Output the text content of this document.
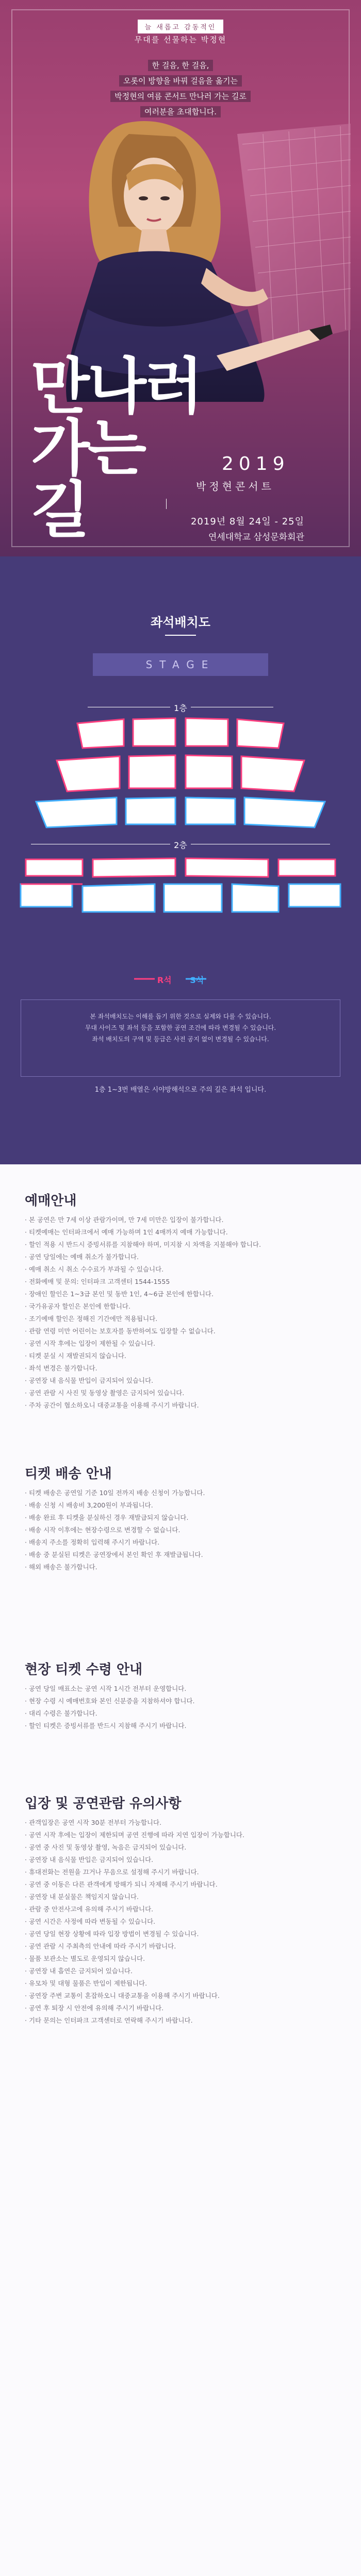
늘 새롭고 감동적인
무대를 선물하는 박정현
한 걸음, 한 걸음,
오롯이 방향을 바꿔 걸음을 옮기는
박정현의 여름 콘서트 만나러 가는 길로
여러분을 초대합니다.
만나러
가는
길
2019
박정현콘서트
2019년 8월 24일 - 25일
연세대학교 삼성문화회관
좌석배치도
STAGE
1층
2층
R석 S석
본 좌석배치도는 이해를 돕기 위한 것으로 실제와 다를 수 있습니다.
무대 사이즈 및 좌석 등을 포함한 공연 조건에 따라 변경될 수 있습니다.
좌석 배치도의 구역 및 등급은 사전 공지 없이 변경될 수 있습니다.
1층 1~3번 배열은 시야방해석으로 주의 깊은 좌석 입니다.
예매안내
· 본 공연은 만 7세 이상 관람가이며, 만 7세 미만은 입장이 불가합니다.
· 티켓예매는 인터파크에서 예매 가능하며 1인 4매까지 예매 가능합니다.
· 할인 적용 시 반드시 증빙서류를 지참해야 하며, 미지참 시 차액을 지불해야 합니다.
· 공연 당일에는 예매 취소가 불가합니다.
· 예매 취소 시 취소 수수료가 부과될 수 있습니다.
· 전화예매 및 문의: 인터파크 고객센터 1544-1555
· 장애인 할인은 1~3급 본인 및 동반 1인, 4~6급 본인에 한합니다.
· 국가유공자 할인은 본인에 한합니다.
· 조기예매 할인은 정해진 기간에만 적용됩니다.
· 관람 연령 미만 어린이는 보호자를 동반하여도 입장할 수 없습니다.
· 공연 시작 후에는 입장이 제한될 수 있습니다.
· 티켓 분실 시 재발권되지 않습니다.
· 좌석 변경은 불가합니다.
· 공연장 내 음식물 반입이 금지되어 있습니다.
· 공연 관람 시 사진 및 동영상 촬영은 금지되어 있습니다.
· 주차 공간이 협소하오니 대중교통을 이용해 주시기 바랍니다.
티켓 배송 안내
· 티켓 배송은 공연일 기준 10일 전까지 배송 신청이 가능합니다.
· 배송 신청 시 배송비 3,200원이 부과됩니다.
· 배송 완료 후 티켓을 분실하신 경우 재발급되지 않습니다.
· 배송 시작 이후에는 현장수령으로 변경할 수 없습니다.
· 배송지 주소를 정확히 입력해 주시기 바랍니다.
· 배송 중 분실된 티켓은 공연장에서 본인 확인 후 재발급됩니다.
· 해외 배송은 불가합니다.
현장 티켓 수령 안내
· 공연 당일 매표소는 공연 시작 1시간 전부터 운영합니다.
· 현장 수령 시 예매번호와 본인 신분증을 지참하셔야 합니다.
· 대리 수령은 불가합니다.
· 할인 티켓은 증빙서류를 반드시 지참해 주시기 바랍니다.
입장 및 공연관람 유의사항
· 관객입장은 공연 시작 30분 전부터 가능합니다.
· 공연 시작 후에는 입장이 제한되며 공연 진행에 따라 지연 입장이 가능합니다.
· 공연 중 사진 및 동영상 촬영, 녹음은 금지되어 있습니다.
· 공연장 내 음식물 반입은 금지되어 있습니다.
· 휴대전화는 전원을 끄거나 무음으로 설정해 주시기 바랍니다.
· 공연 중 이동은 다른 관객에게 방해가 되니 자제해 주시기 바랍니다.
· 공연장 내 분실물은 책임지지 않습니다.
· 관람 중 안전사고에 유의해 주시기 바랍니다.
· 공연 시간은 사정에 따라 변동될 수 있습니다.
· 공연 당일 현장 상황에 따라 입장 방법이 변경될 수 있습니다.
· 공연 관람 시 주최측의 안내에 따라 주시기 바랍니다.
· 물품 보관소는 별도로 운영되지 않습니다.
· 공연장 내 흡연은 금지되어 있습니다.
· 유모차 및 대형 물품은 반입이 제한됩니다.
· 공연장 주변 교통이 혼잡하오니 대중교통을 이용해 주시기 바랍니다.
· 공연 후 퇴장 시 안전에 유의해 주시기 바랍니다.
· 기타 문의는 인터파크 고객센터로 연락해 주시기 바랍니다.
